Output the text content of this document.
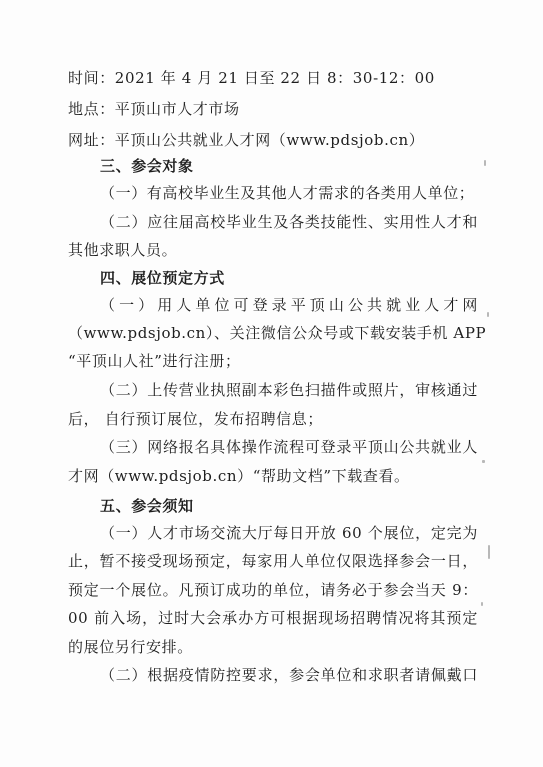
时间：2021 年 4 月 21 日至 22 日 8：30-12：00
地点：平顶山市人才市场
网址：平顶山公共就业人才网（www.pdsjob.cn）
三、参会对象
（一）有高校毕业生及其他人才需求的各类用人单位；
（二）应往届高校毕业生及各类技能性、实用性人才和
其他求职人员。
四、展位预定方式
（一）用人单位可登录平顶山公共就业人才网
（www.pdsjob.cn）、关注微信公众号或下载安装手机 APP
“平顶山人社”进行注册；
（二）上传营业执照副本彩色扫描件或照片，审核通过
后， 自行预订展位，发布招聘信息；
（三）网络报名具体操作流程可登录平顶山公共就业人
才网（www.pdsjob.cn）“帮助文档”下载查看。
五、参会须知
（一）人才市场交流大厅每日开放 60 个展位，定完为
止，暂不接受现场预定，每家用人单位仅限选择参会一日，
预定一个展位。凡预订成功的单位，请务必于参会当天 9：
00 前入场，过时大会承办方可根据现场招聘情况将其预定
的展位另行安排。
（二）根据疫情防控要求，参会单位和求职者请佩戴口
